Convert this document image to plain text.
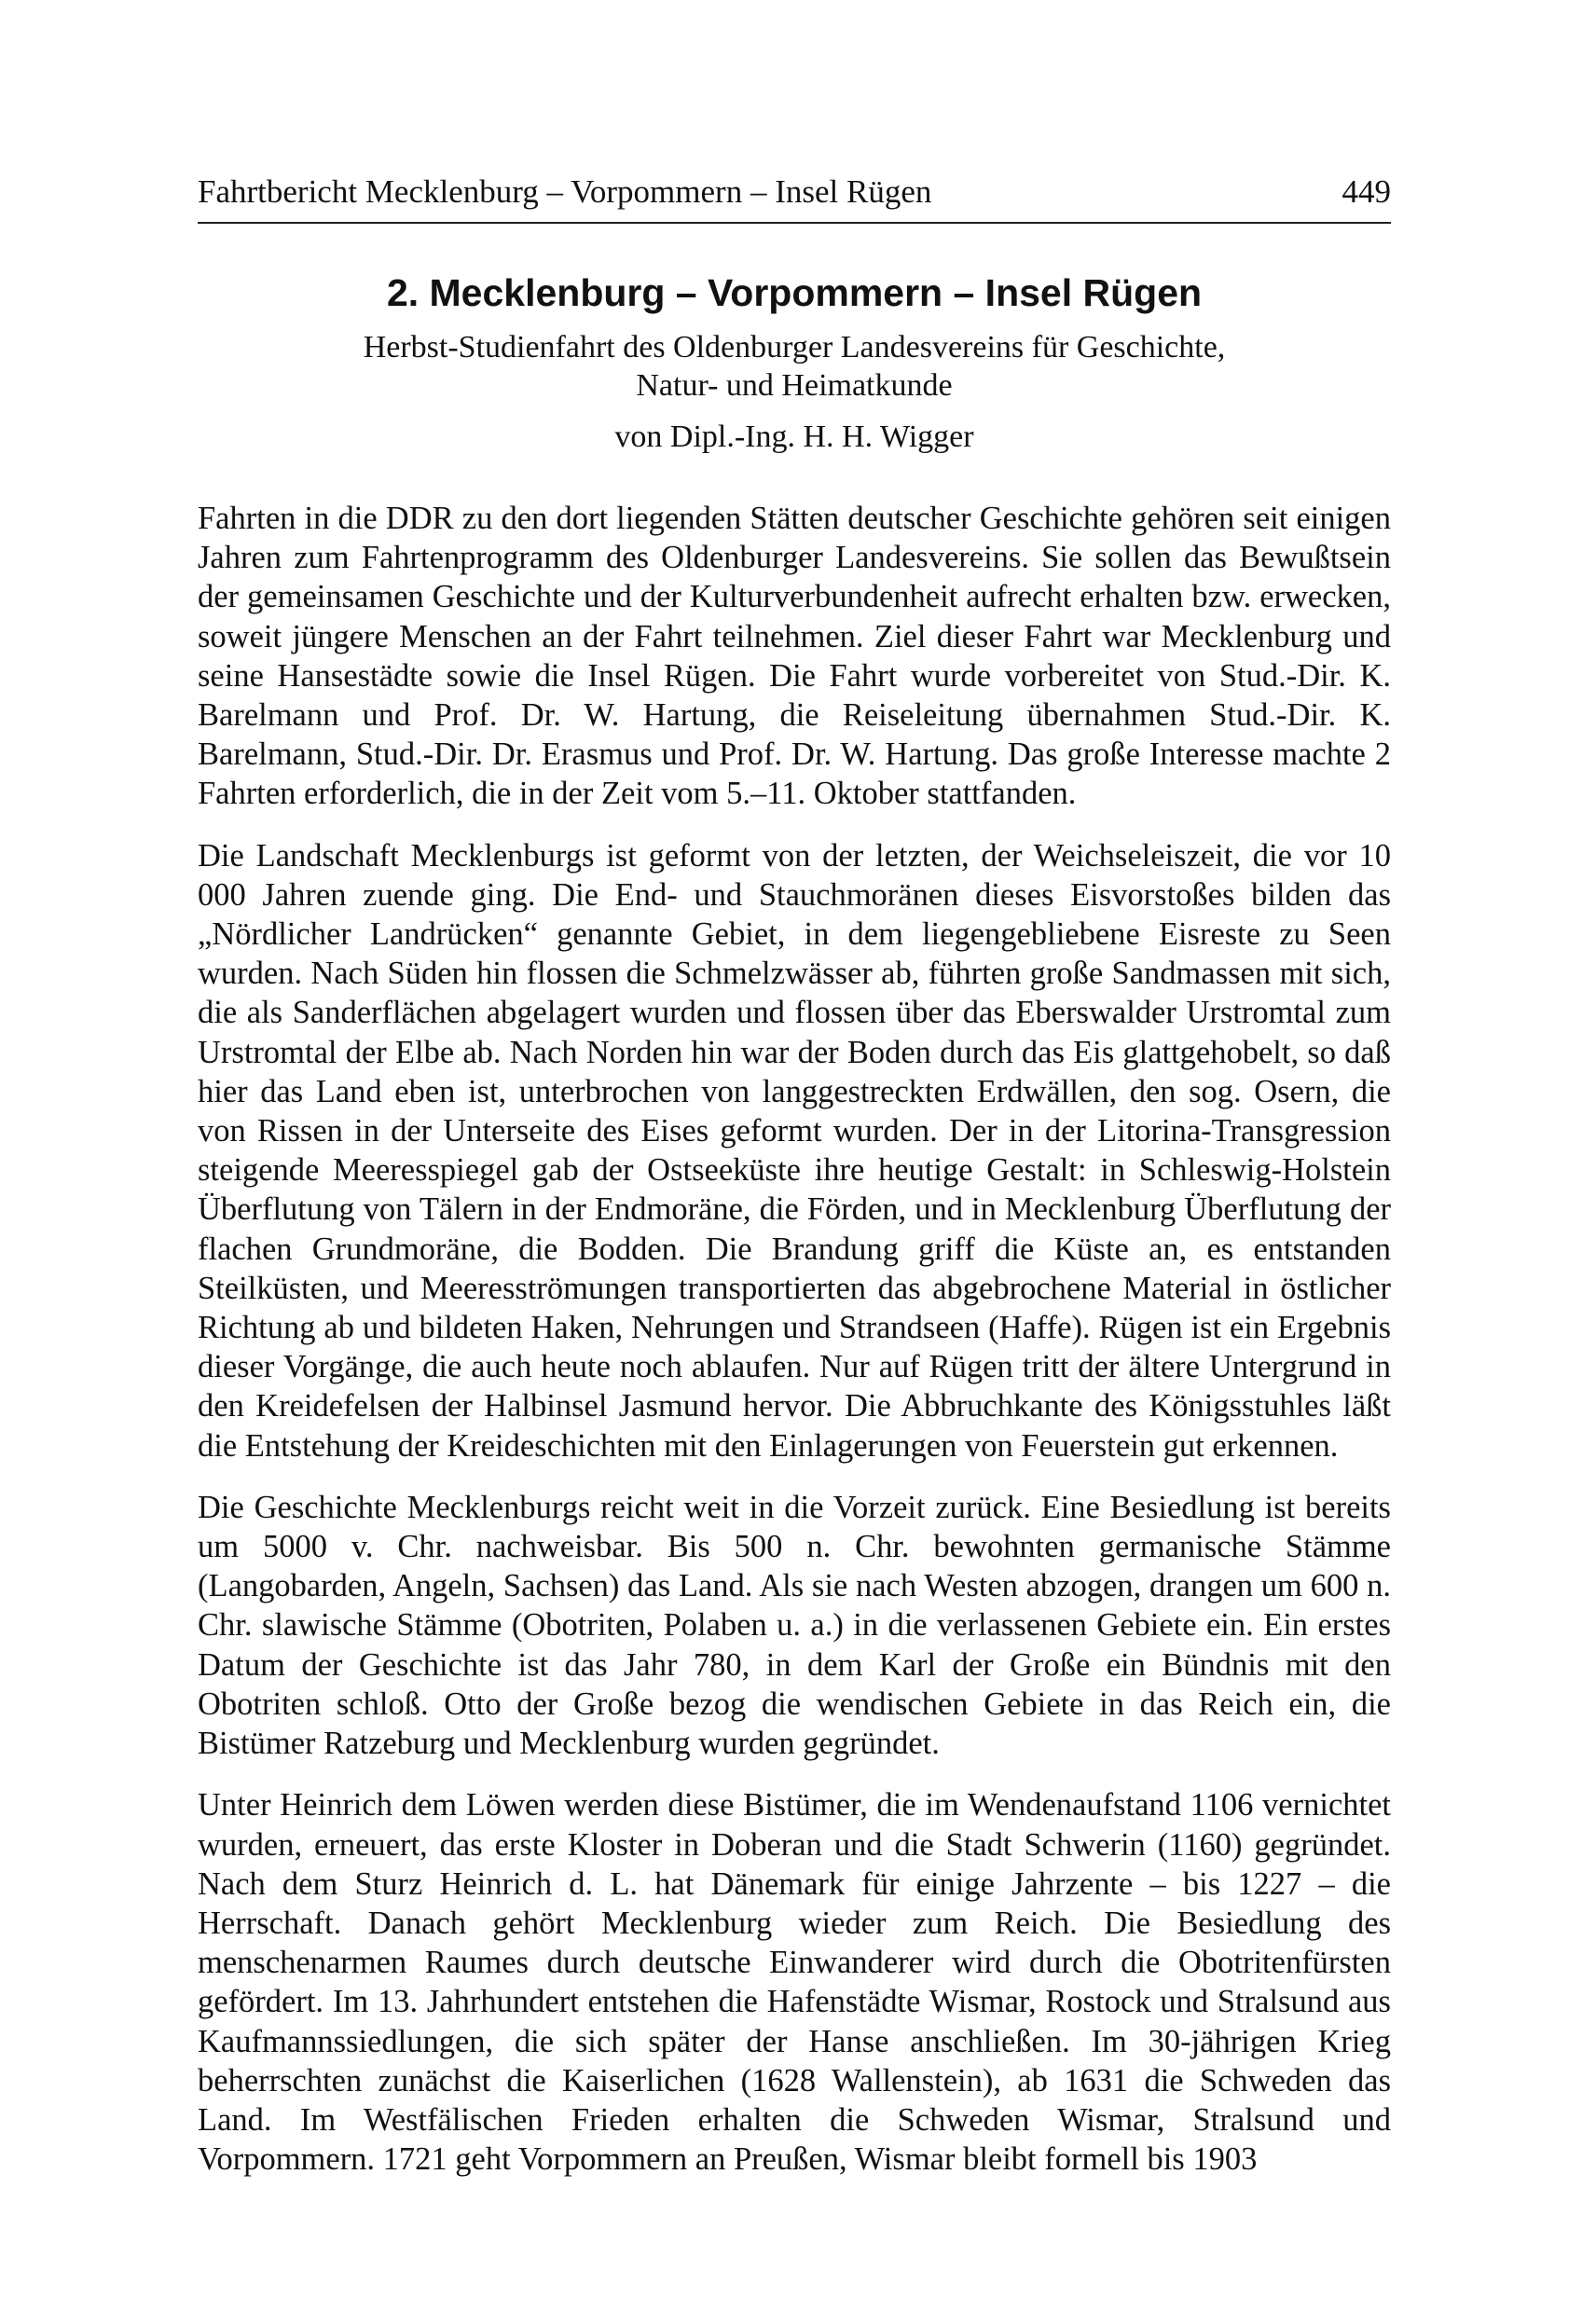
Fahrtbericht Mecklenburg – Vorpommern – Insel Rügen	449
2. Mecklenburg – Vorpommern – Insel Rügen
Herbst-Studienfahrt des Oldenburger Landesvereins für Geschichte,
Natur- und Heimatkunde
von Dipl.-Ing. H. H. Wigger

Fahrten in die DDR zu den dort liegenden Stätten deutscher Geschichte gehören seit einigen Jahren zum Fahrtenprogramm des Oldenburger Landesvereins. Sie sollen das Bewußtsein der gemeinsamen Geschichte und der Kulturverbundenheit aufrecht erhalten bzw. erwecken, soweit jüngere Menschen an der Fahrt teilnehmen. Ziel dieser Fahrt war Mecklenburg und seine Hansestädte sowie die Insel Rügen. Die Fahrt wurde vorbereitet von Stud.-Dir. K. Barelmann und Prof. Dr. W. Hartung, die Reiseleitung übernahmen Stud.-Dir. K. Barelmann, Stud.-Dir. Dr. Erasmus und Prof. Dr. W. Hartung. Das große Interesse machte 2 Fahrten erforderlich, die in der Zeit vom 5.–11. Oktober stattfanden.

Die Landschaft Mecklenburgs ist geformt von der letzten, der Weichseleiszeit, die vor 10 000 Jahren zuende ging. Die End- und Stauchmoränen dieses Eisvorstoßes bilden das „Nördlicher Landrücken“ genannte Gebiet, in dem liegengebliebene Eisreste zu Seen wurden. Nach Süden hin flossen die Schmelzwässer ab, führten große Sandmassen mit sich, die als Sanderflächen abgelagert wurden und flossen über das Eberswalder Urstromtal zum Urstromtal der Elbe ab. Nach Norden hin war der Boden durch das Eis glattgehobelt, so daß hier das Land eben ist, unterbrochen von langgestreckten Erdwällen, den sog. Osern, die von Rissen in der Unterseite des Eises geformt wurden. Der in der Litorina-Transgression steigende Meeresspiegel gab der Ostseeküste ihre heutige Gestalt: in Schleswig-Holstein Überflutung von Tälern in der Endmoräne, die Förden, und in Mecklenburg Überflutung der flachen Grundmoräne, die Bodden. Die Brandung griff die Küste an, es entstanden Steilküsten, und Meeresströmungen transportierten das abgebrochene Material in östlicher Richtung ab und bildeten Haken, Nehrungen und Strandseen (Haffe). Rügen ist ein Ergebnis dieser Vorgänge, die auch heute noch ablaufen. Nur auf Rügen tritt der ältere Untergrund in den Kreidefelsen der Halbinsel Jasmund hervor. Die Abbruchkante des Königsstuhles läßt die Entstehung der Kreideschichten mit den Einlagerungen von Feuerstein gut erkennen.

Die Geschichte Mecklenburgs reicht weit in die Vorzeit zurück. Eine Besiedlung ist bereits um 5000 v. Chr. nachweisbar. Bis 500 n. Chr. bewohnten germanische Stämme (Langobarden, Angeln, Sachsen) das Land. Als sie nach Westen abzogen, drangen um 600 n. Chr. slawische Stämme (Obotriten, Polaben u. a.) in die verlassenen Gebiete ein. Ein erstes Datum der Geschichte ist das Jahr 780, in dem Karl der Große ein Bündnis mit den Obotriten schloß. Otto der Große bezog die wendischen Gebiete in das Reich ein, die Bistümer Ratzeburg und Mecklenburg wurden gegründet.

Unter Heinrich dem Löwen werden diese Bistümer, die im Wendenaufstand 1106 vernichtet wurden, erneuert, das erste Kloster in Doberan und die Stadt Schwerin (1160) gegründet. Nach dem Sturz Heinrich d. L. hat Dänemark für einige Jahrzente – bis 1227 – die Herrschaft. Danach gehört Mecklenburg wieder zum Reich. Die Besiedlung des menschenarmen Raumes durch deutsche Einwanderer wird durch die Obotritenfürsten gefördert. Im 13. Jahrhundert entstehen die Hafenstädte Wismar, Rostock und Stralsund aus Kaufmannssiedlungen, die sich später der Hanse anschließen. Im 30-jährigen Krieg beherrschten zunächst die Kaiserlichen (1628 Wallenstein), ab 1631 die Schweden das Land. Im Westfälischen Frieden erhalten die Schweden Wismar, Stralsund und Vorpommern. 1721 geht Vorpommern an Preußen, Wismar bleibt formell bis 1903
